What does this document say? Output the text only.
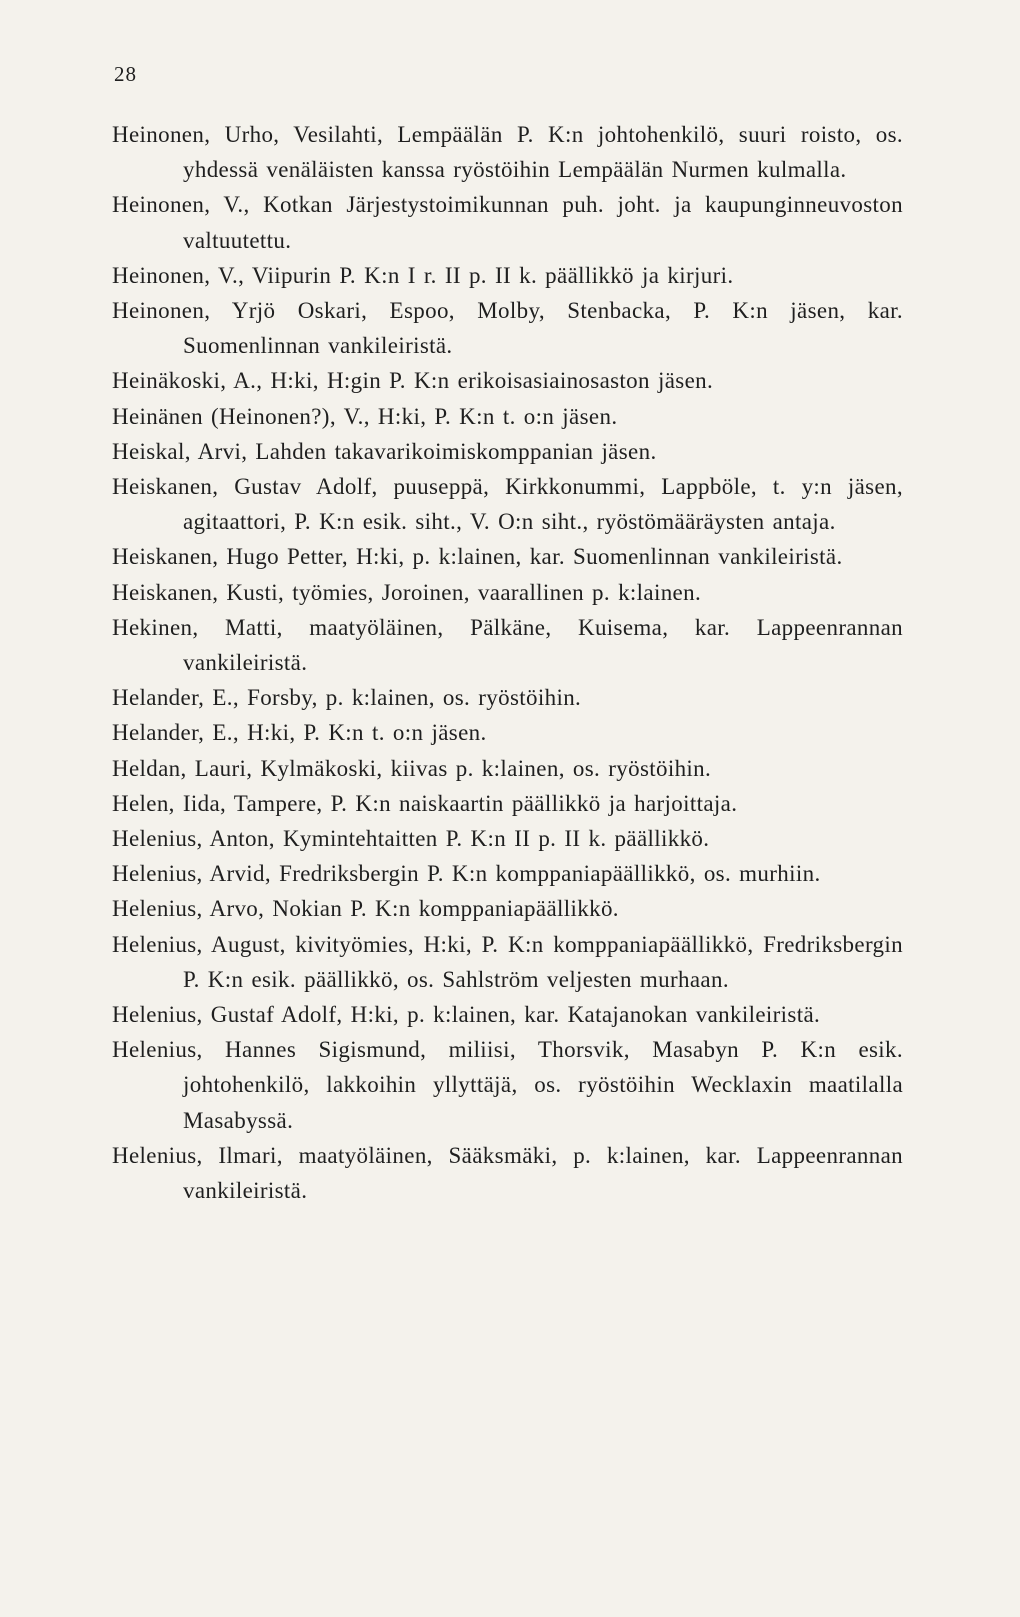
28
Heinonen, Urho, Vesilahti, Lempäälän P. K:n johtohenkilö, suuri roisto, os. yhdessä venäläisten kanssa ryöstöihin Lempäälän Nurmen kulmalla.
Heinonen, V., Kotkan Järjestystoimikunnan puh. joht. ja kaupunginneuvoston valtuutettu.
Heinonen, V., Viipurin P. K:n I r. II p. II k. päällikkö ja kirjuri.
Heinonen, Yrjö Oskari, Espoo, Molby, Stenbacka, P. K:n jäsen, kar. Suomenlinnan vankileiristä.
Heinäkoski, A., H:ki, H:gin P. K:n erikoisasiainosaston jäsen.
Heinänen (Heinonen?), V., H:ki, P. K:n t. o:n jäsen.
Heiskal, Arvi, Lahden takavarikoimiskomppanian jäsen.
Heiskanen, Gustav Adolf, puuseppä, Kirkkonummi, Lappböle, t. y:n jäsen, agitaattori, P. K:n esik. siht., V. O:n siht., ryöstömääräysten antaja.
Heiskanen, Hugo Petter, H:ki, p. k:lainen, kar. Suomenlinnan vankileiristä.
Heiskanen, Kusti, työmies, Joroinen, vaarallinen p. k:lainen.
Hekinen, Matti, maatyöläinen, Pälkäne, Kuisema, kar. Lappeenrannan vankileiristä.
Helander, E., Forsby, p. k:lainen, os. ryöstöihin.
Helander, E., H:ki, P. K:n t. o:n jäsen.
Heldan, Lauri, Kylmäkoski, kiivas p. k:lainen, os. ryöstöihin.
Helen, Iida, Tampere, P. K:n naiskaartin päällikkö ja harjoittaja.
Helenius, Anton, Kymintehtaitten P. K:n II p. II k. päällikkö.
Helenius, Arvid, Fredriksbergin P. K:n komppaniapäällikkö, os. murhiin.
Helenius, Arvo, Nokian P. K:n komppaniapäällikkö.
Helenius, August, kivityömies, H:ki, P. K:n komppaniapäällikkö, Fredriksbergin P. K:n esik. päällikkö, os. Sahlström veljesten murhaan.
Helenius, Gustaf Adolf, H:ki, p. k:lainen, kar. Katajanokan vankileiristä.
Helenius, Hannes Sigismund, miliisi, Thorsvik, Masabyn P. K:n esik. johtohenkilö, lakkoihin yllyttäjä, os. ryöstöihin Wecklaxin maatilalla Masabyssä.
Helenius, Ilmari, maatyöläinen, Sääksmäki, p. k:lainen, kar. Lappeenrannan vankileiristä.
